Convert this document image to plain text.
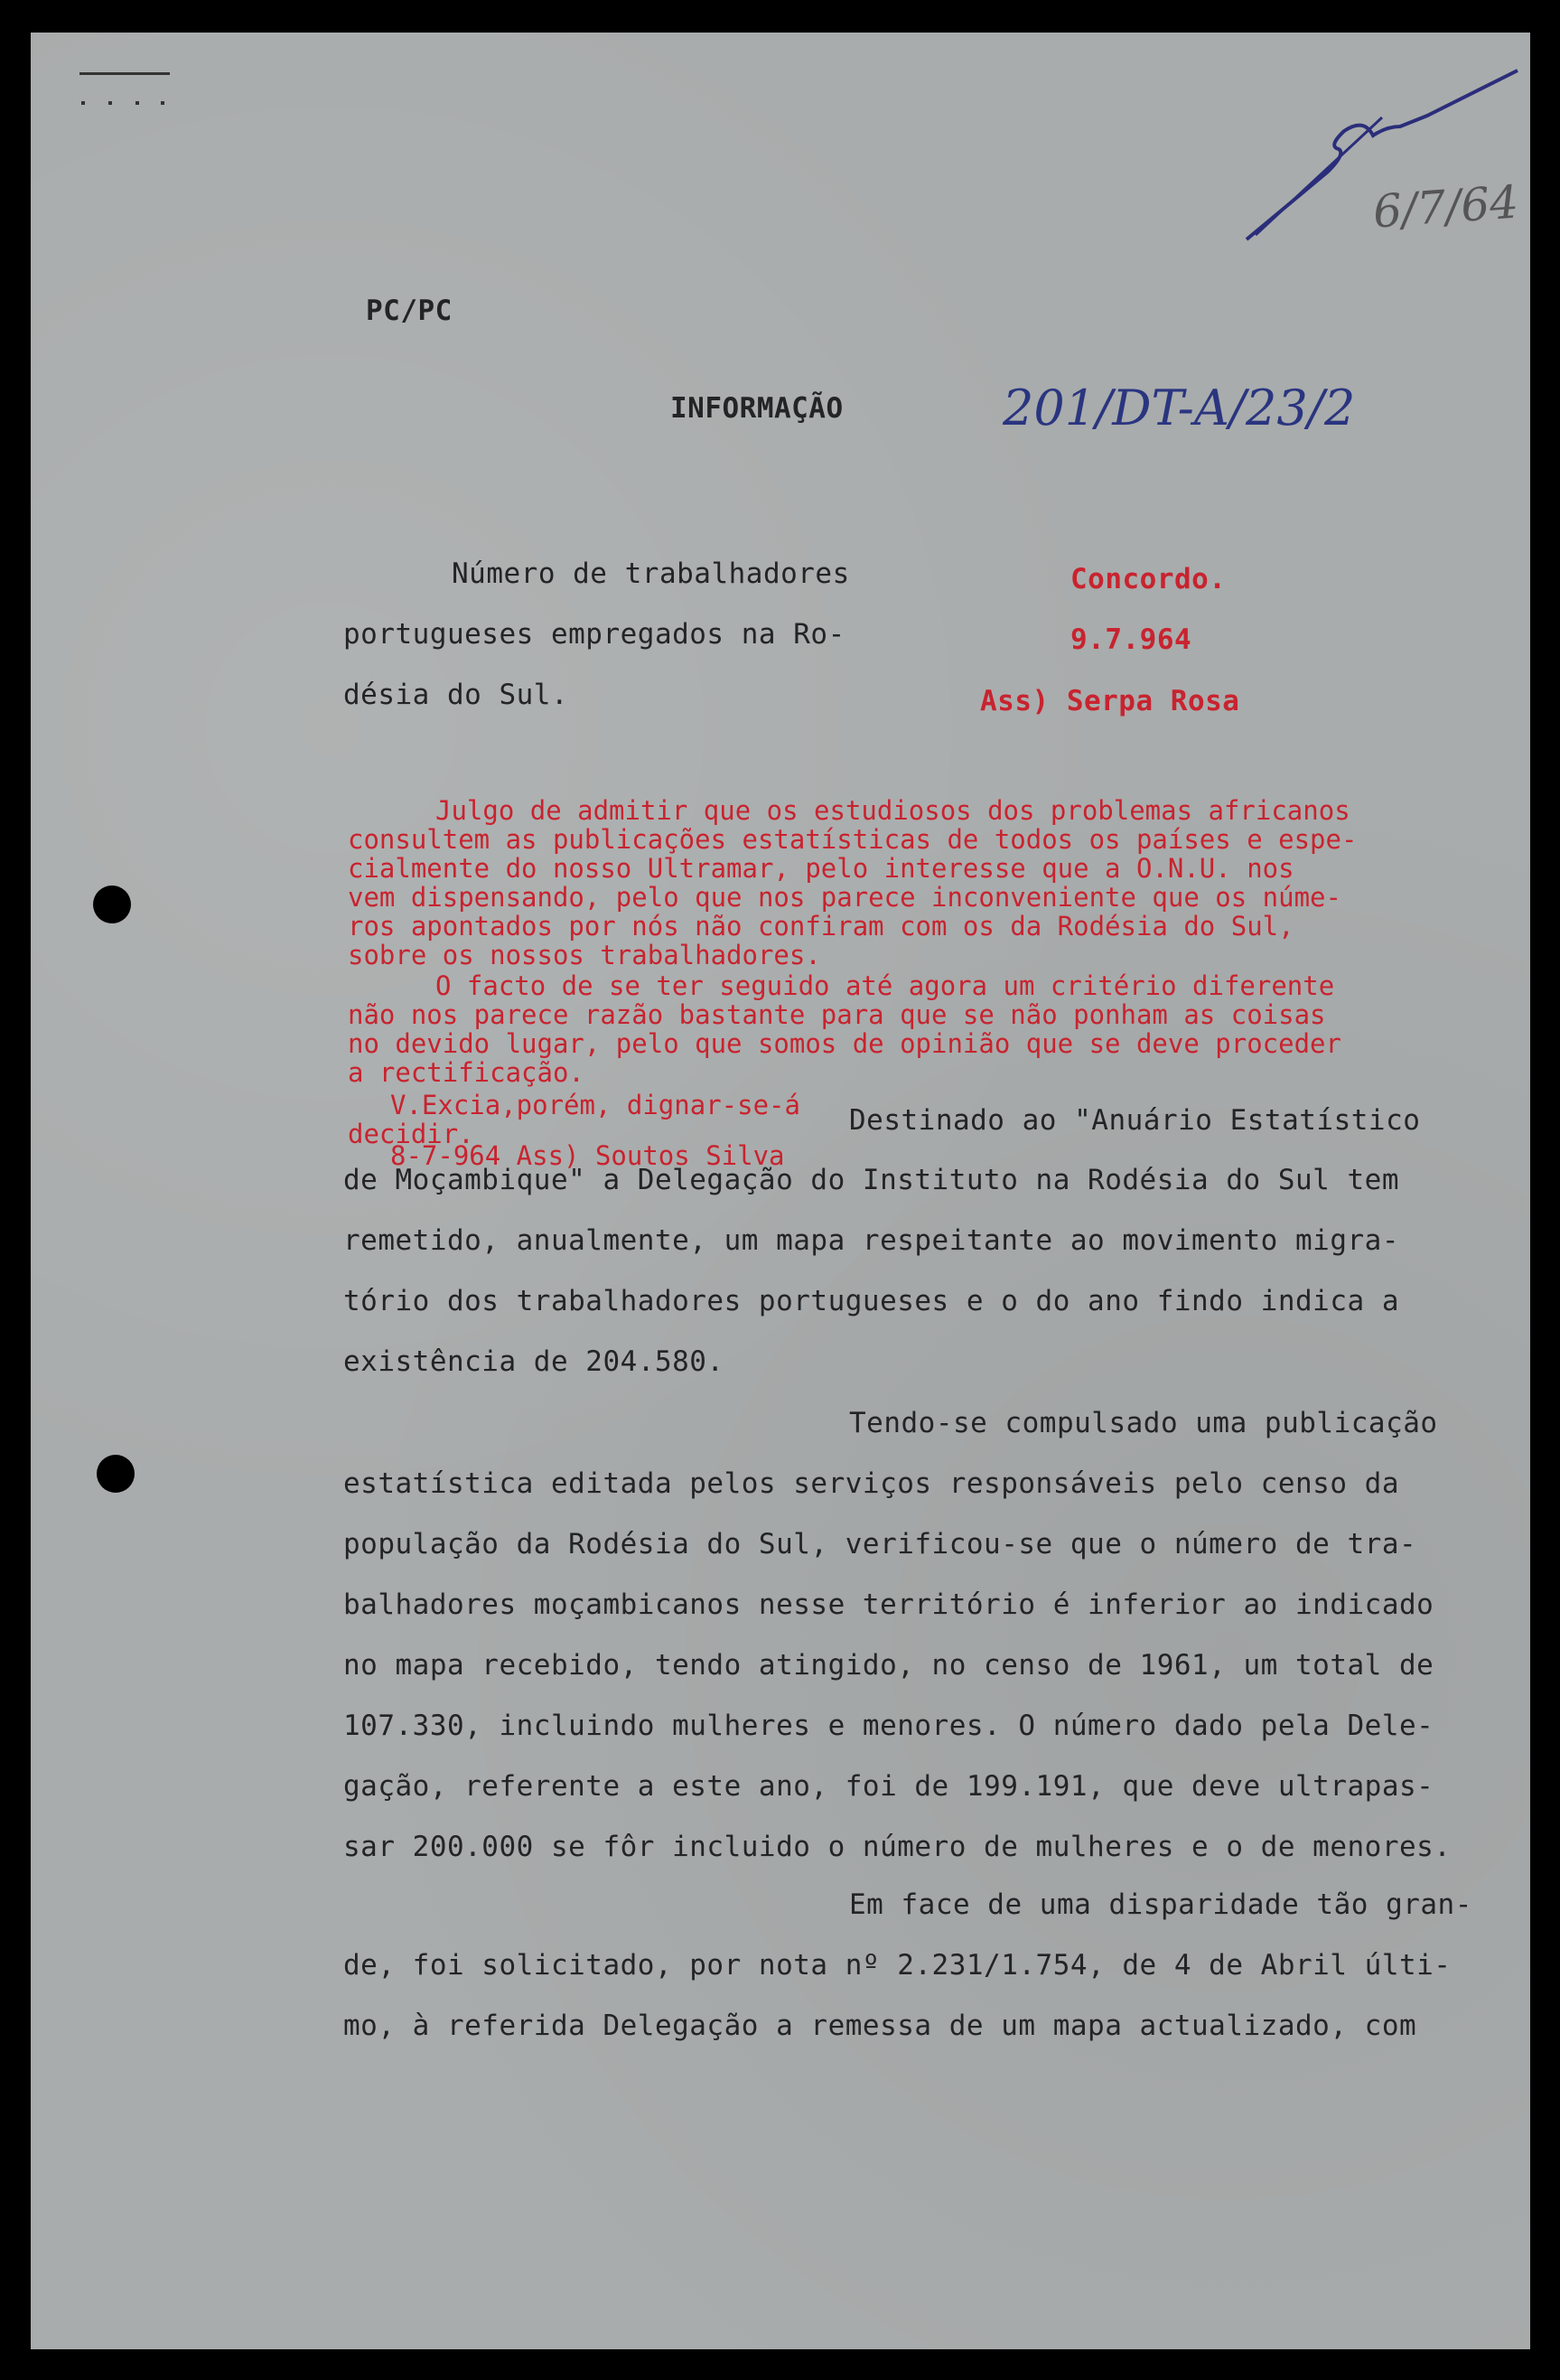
6/7/64
PC/PC
INFORMAÇÃO	201/DT-A/23/2
Número de trabalhadores
portugueses empregados na Ro-
désia do Sul.
Concordo.
9.7.964
Ass) Serpa Rosa
Julgo de admitir que os estudiosos dos problemas africanos
consultem as publicações estatísticas de todos os países e espe-
cialmente do nosso Ultramar, pelo interesse que a O.N.U. nos
vem dispensando, pelo que nos parece inconveniente que os núme-
ros apontados por nós não confiram com os da Rodésia do Sul,
sobre os nossos trabalhadores.
O facto de se ter seguido até agora um critério diferente
não nos parece razão bastante para que se não ponham as coisas
no devido lugar, pelo que somos de opinião que se deve proceder
a rectificação.
V.Excia,porém, dignar-se-á
decidir.
8-7-964 Ass) Soutos Silva
Destinado ao "Anuário Estatístico
de Moçambique" a Delegação do Instituto na Rodésia do Sul tem
remetido, anualmente, um mapa respeitante ao movimento migra-
tório dos trabalhadores portugueses e o do ano findo indica a
existência de 204.580.
Tendo-se compulsado uma publicação
estatística editada pelos serviços responsáveis pelo censo da
população da Rodésia do Sul, verificou-se que o número de tra-
balhadores moçambicanos nesse território é inferior ao indicado
no mapa recebido, tendo atingido, no censo de 1961, um total de
107.330, incluindo mulheres e menores. O número dado pela Dele-
gação, referente a este ano, foi de 199.191, que deve ultrapas-
sar 200.000 se fôr incluido o número de mulheres e o de menores.
Em face de uma disparidade tão gran-
de, foi solicitado, por nota nº 2.231/1.754, de 4 de Abril últi-
mo, à referida Delegação a remessa de um mapa actualizado, com
